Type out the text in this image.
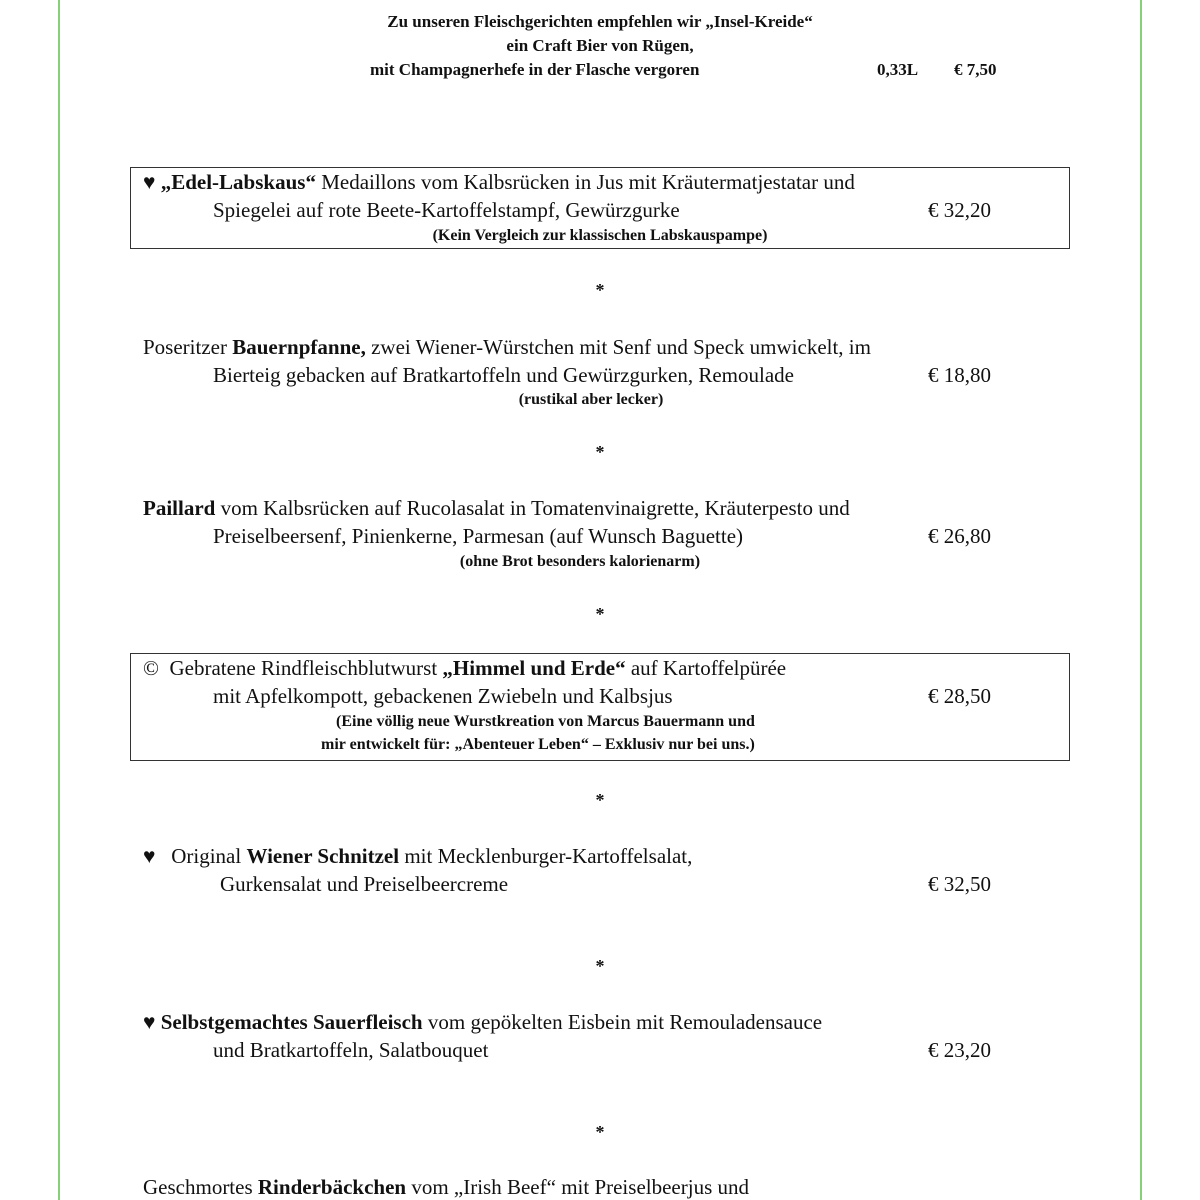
Zu unseren Fleischgerichten empfehlen wir „Insel-Kreide“
ein Craft Bier von Rügen,
mit Champagnerhefe in der Flasche vergoren	0,33L € 7,50
♥ „Edel-Labskaus“ Medaillons vom Kalbsrücken in Jus mit Kräutermatjestatar und
Spiegelei auf rote Beete-Kartoffelstampf, Gewürzgurke	€ 32,20
(Kein Vergleich zur klassischen Labskauspampe)
*
Poseritzer Bauernpfanne, zwei Wiener-Würstchen mit Senf und Speck umwickelt, im
Bierteig gebacken auf Bratkartoffeln und Gewürzgurken, Remoulade	€ 18,80
(rustikal aber lecker)
*
Paillard vom Kalbsrücken auf Rucolasalat in Tomatenvinaigrette, Kräuterpesto und
Preiselbeersenf, Pinienkerne, Parmesan (auf Wunsch Baguette)	€ 26,80
(ohne Brot besonders kalorienarm)
*
© Gebratene Rindfleischblutwurst „Himmel und Erde“ auf Kartoffelpürée
mit Apfelkompott, gebackenen Zwiebeln und Kalbsjus	€ 28,50
(Eine völlig neue Wurstkreation von Marcus Bauermann und
mir entwickelt für: „Abenteuer Leben“ – Exklusiv nur bei uns.)
*
♥ Original Wiener Schnitzel mit Mecklenburger-Kartoffelsalat,
Gurkensalat und Preiselbeercreme	€ 32,50
*
♥ Selbstgemachtes Sauerfleisch vom gepökelten Eisbein mit Remouladensauce
und Bratkartoffeln, Salatbouquet	€ 23,20
*
Geschmortes Rinderbäckchen vom „Irish Beef“ mit Preiselbeerjus und
